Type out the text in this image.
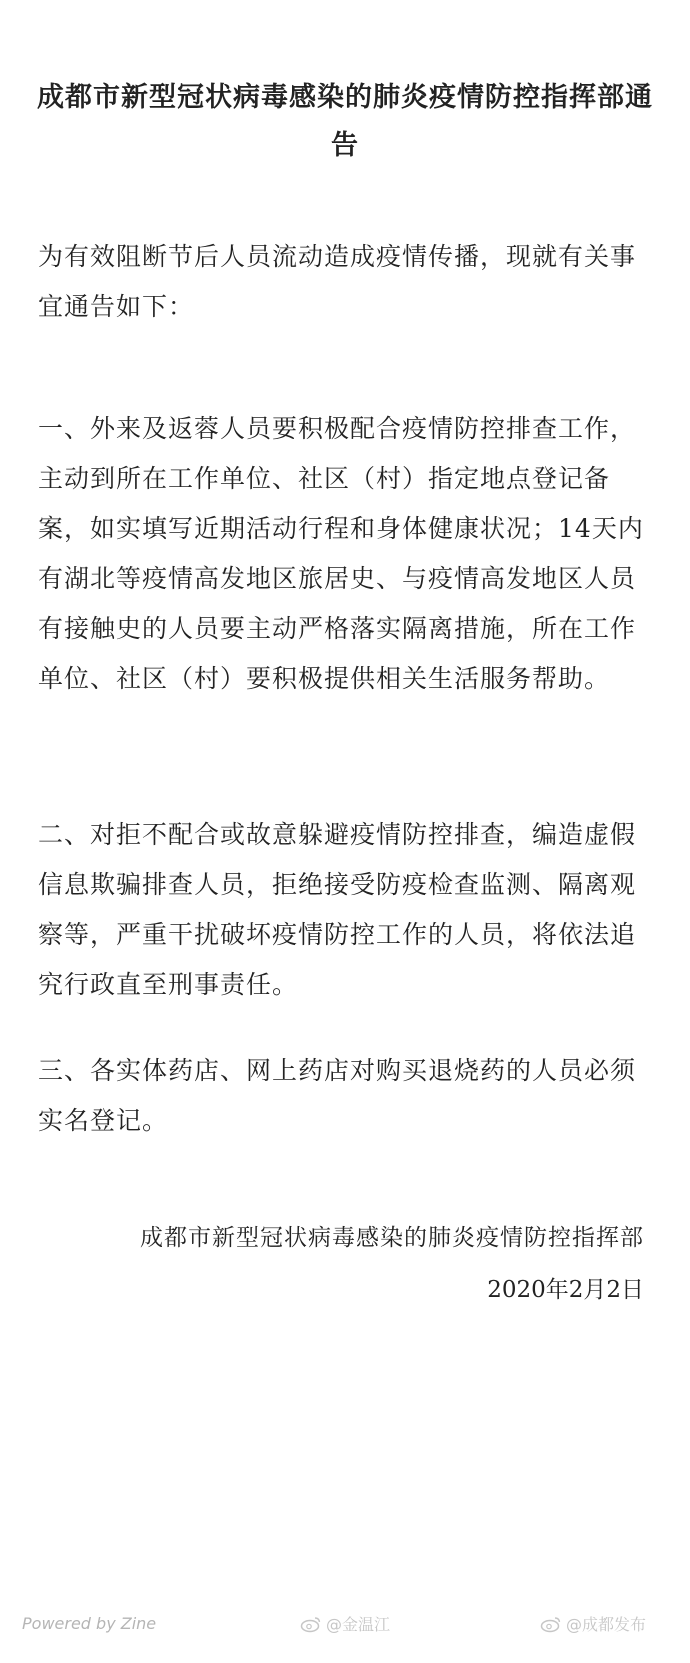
成都市新型冠状病毒感染的肺炎疫情防控指挥部通告

为有效阻断节后人员流动造成疫情传播，现就有关事宜通告如下：

一、外来及返蓉人员要积极配合疫情防控排查工作，主动到所在工作单位、社区（村）指定地点登记备案，如实填写近期活动行程和身体健康状况；14天内有湖北等疫情高发地区旅居史、与疫情高发地区人员有接触史的人员要主动严格落实隔离措施，所在工作单位、社区（村）要积极提供相关生活服务帮助。

二、对拒不配合或故意躲避疫情防控排查，编造虚假信息欺骗排查人员，拒绝接受防疫检查监测、隔离观察等，严重干扰破坏疫情防控工作的人员，将依法追究行政直至刑事责任。

三、各实体药店、网上药店对购买退烧药的人员必须实名登记。

成都市新型冠状病毒感染的肺炎疫情防控指挥部

2020年2月2日

Powered by Zine	@金温江	@成都发布
